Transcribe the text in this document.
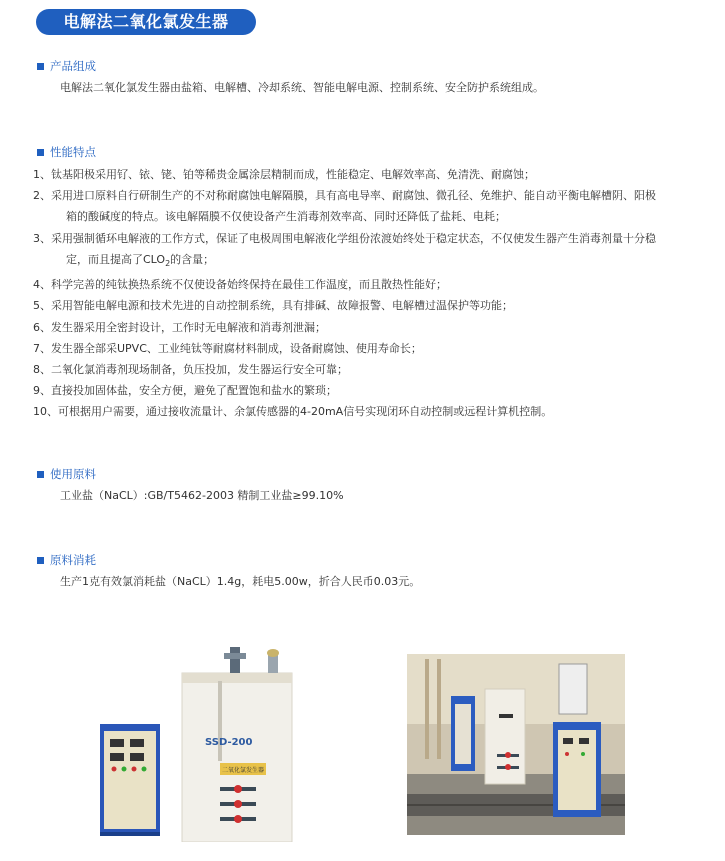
电解法二氧化氯发生器
产品组成
电解法二氧化氯发生器由盐箱、电解槽、冷却系统、智能电解电源、控制系统、安全防护系统组成。
性能特点
1、 钛基阳极采用钌、铱、铑、铂等稀贵金属涂层精制而成，性能稳定、电解效率高、免清洗、耐腐蚀；
2、 采用进口原料自行研制生产的不对称耐腐蚀电解隔膜，具有高电导率、耐腐蚀、微孔径、免维护、能自动平衡电解槽阴、阳极
箱的酸碱度的特点。该电解隔膜不仅使设备产生消毒剂效率高、同时还降低了盐耗、电耗；
3、 采用强制循环电解液的工作方式，保证了电极周围电解液化学组份浓渡始终处于稳定状态，不仅使发生器产生消毒剂量十分稳
定，而且提高了$CLO_2$的含量；
4、 科学完善的纯钛换热系统不仅使设备始终保持在最佳工作温度，而且散热性能好；
5、 采用智能电解电源和技术先进的自动控制系统，具有排碱、故障报警、电解槽过温保护等功能；
6、 发生器采用全密封设计，工作时无电解液和消毒剂泄漏；
7、 发生器全部采UPVC、工业纯钛等耐腐材料制成，设备耐腐蚀、使用寿命长；
8、 二氧化氯消毒剂现场制备，负压投加，发生器运行安全可靠；
9、 直接投加固体盐，安全方便，避免了配置饱和盐水的繁琐；
10、 可根据用户需要，通过接收流量计、余氯传感器的4-20mA信号实现闭环自动控制或远程计算机控制。
使用原料
工业盐（NaCL）:GB/T5462-2003 精制工业盐≥99.10%
原料消耗
生产1克有效氯消耗盐（NaCL）1.4g，耗电5.00w，折合人民币0.03元。
SSD-200
二氧化氯发生器
